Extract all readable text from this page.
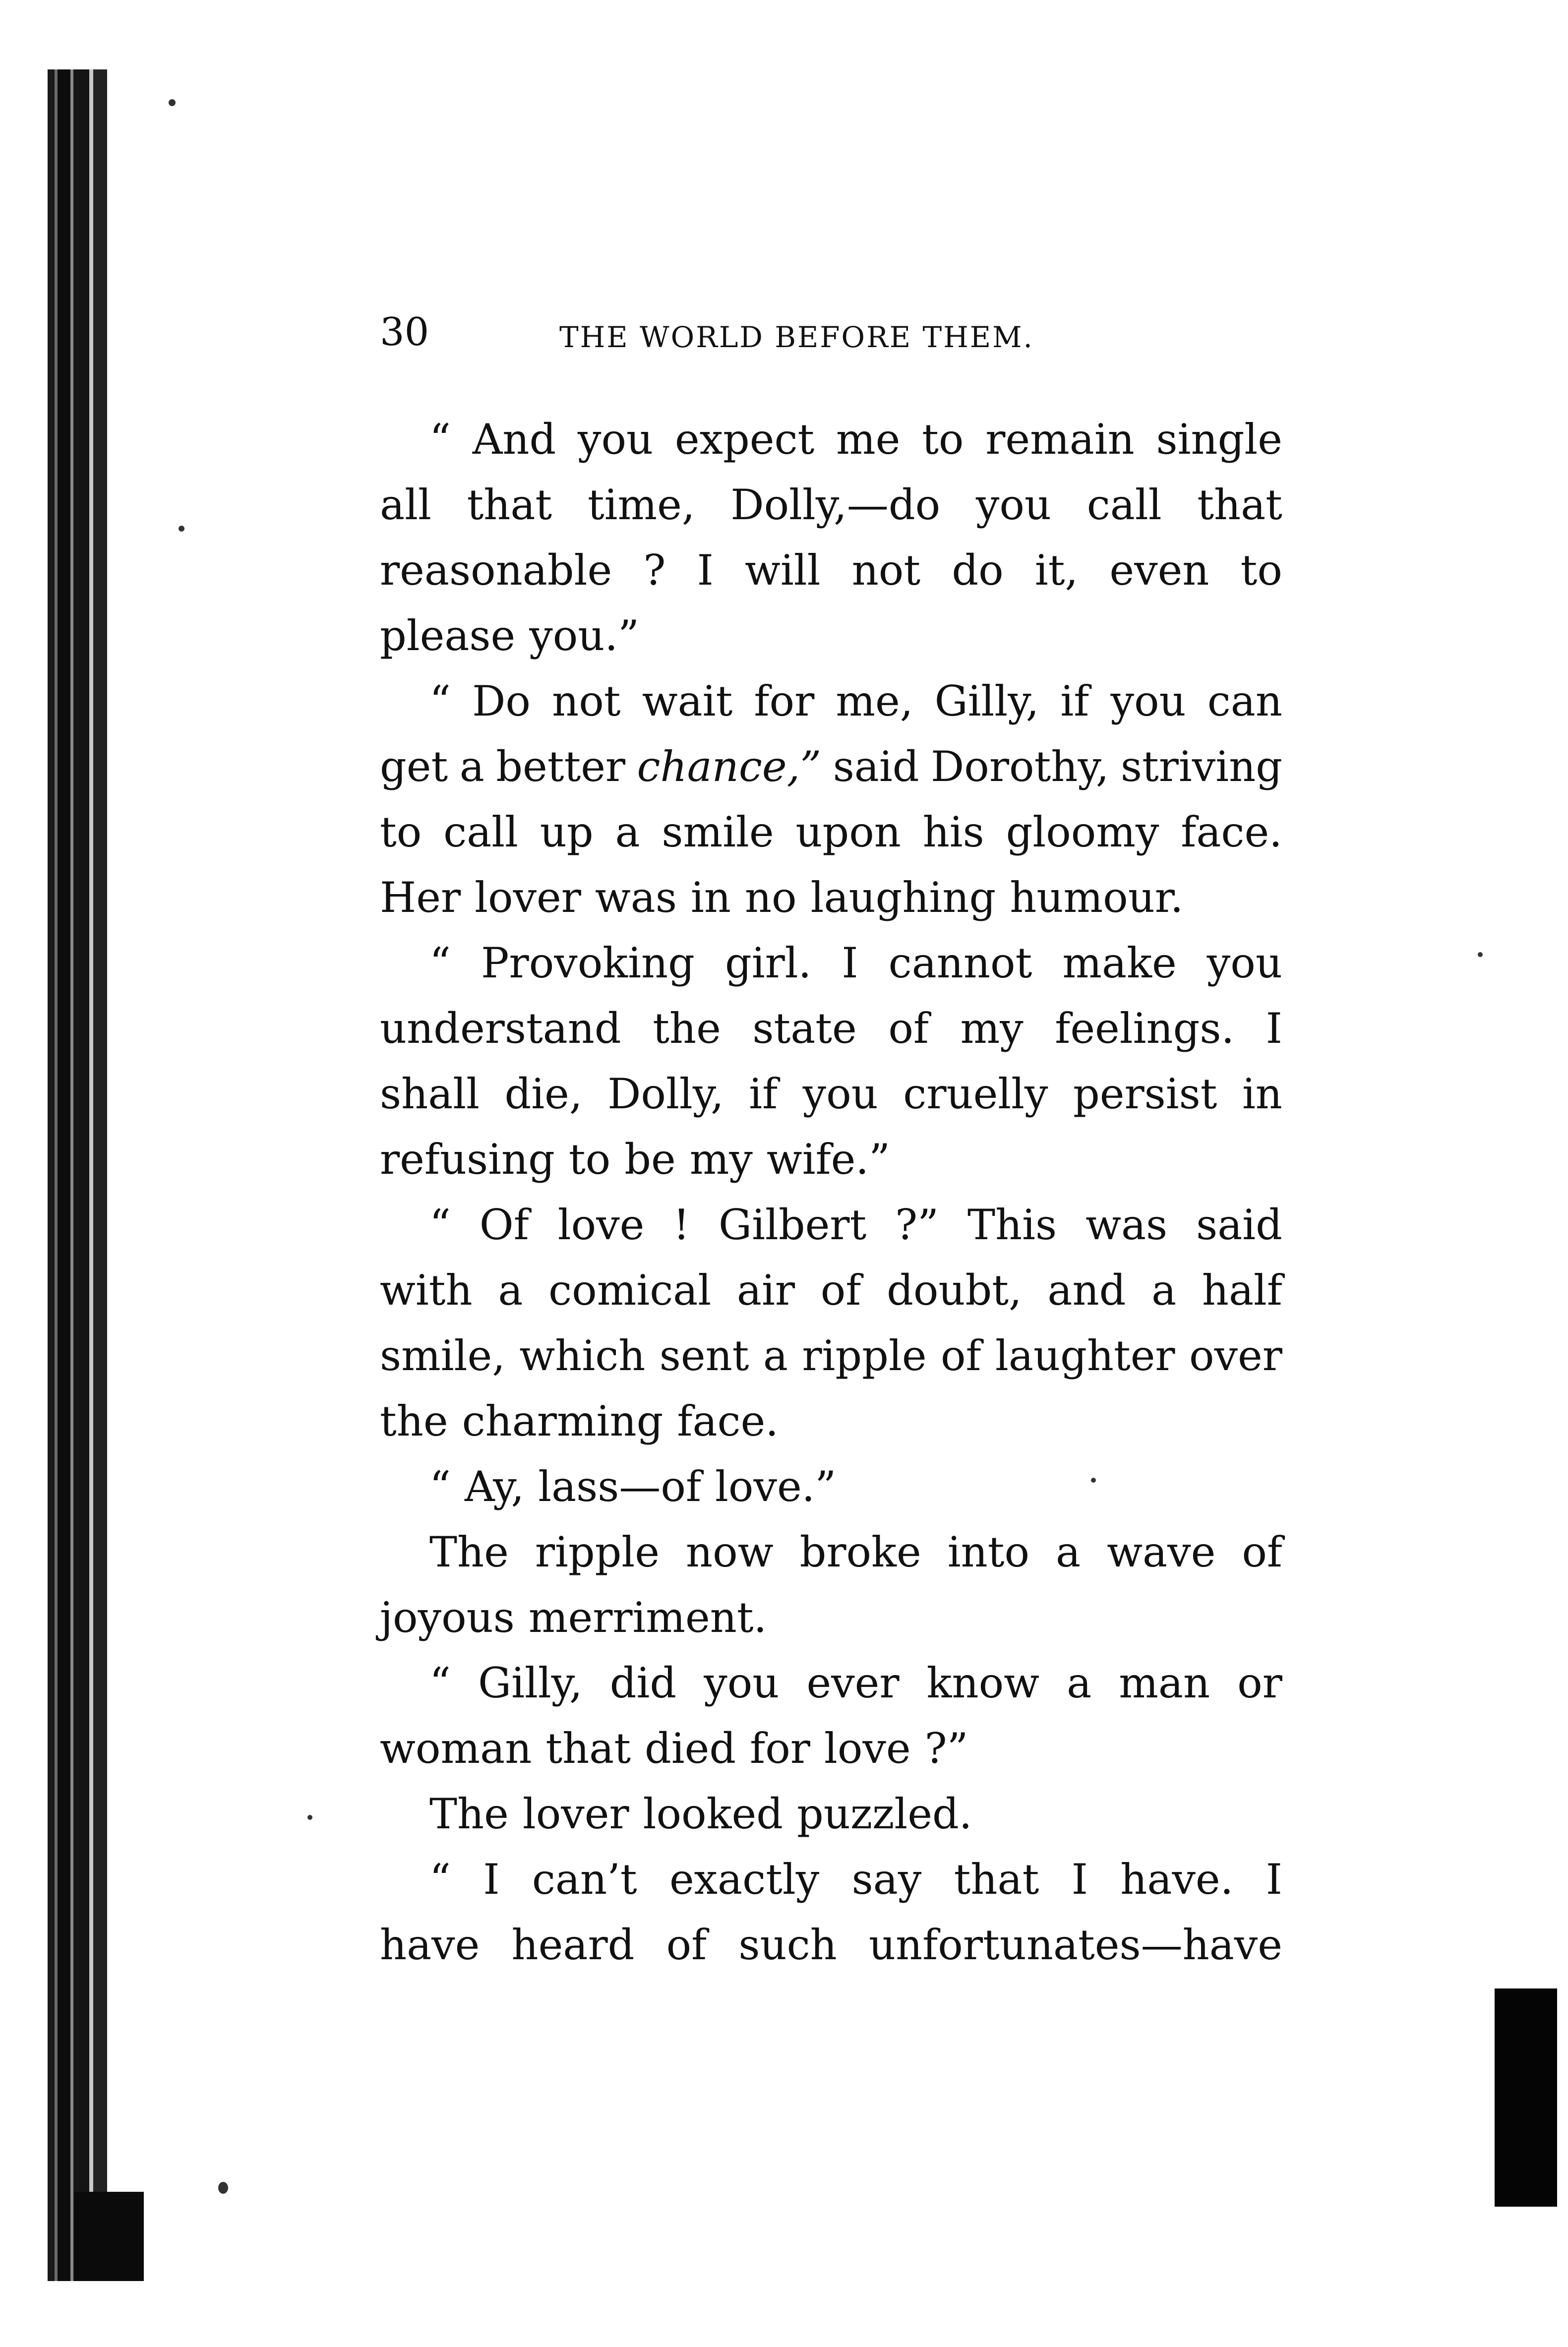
30	THE WORLD BEFORE THEM.
“ And you expect me to remain single
all that time, Dolly,—do you call that
reasonable ? I will not do it, even to
please you.”
“ Do not wait for me, Gilly, if you can
get a better chance,” said Dorothy, striving
to call up a smile upon his gloomy face.
Her lover was in no laughing humour.
“ Provoking girl. I cannot make you
understand the state of my feelings. I
shall die, Dolly, if you cruelly persist in
refusing to be my wife.”
“ Of love ! Gilbert ?” This was said
with a comical air of doubt, and a half
smile, which sent a ripple of laughter over
the charming face.
“ Ay, lass—of love.”
The ripple now broke into a wave of
joyous merriment.
“ Gilly, did you ever know a man or
woman that died for love ?”
The lover looked puzzled.
“ I can’t exactly say that I have. I
have heard of such unfortunates—have
